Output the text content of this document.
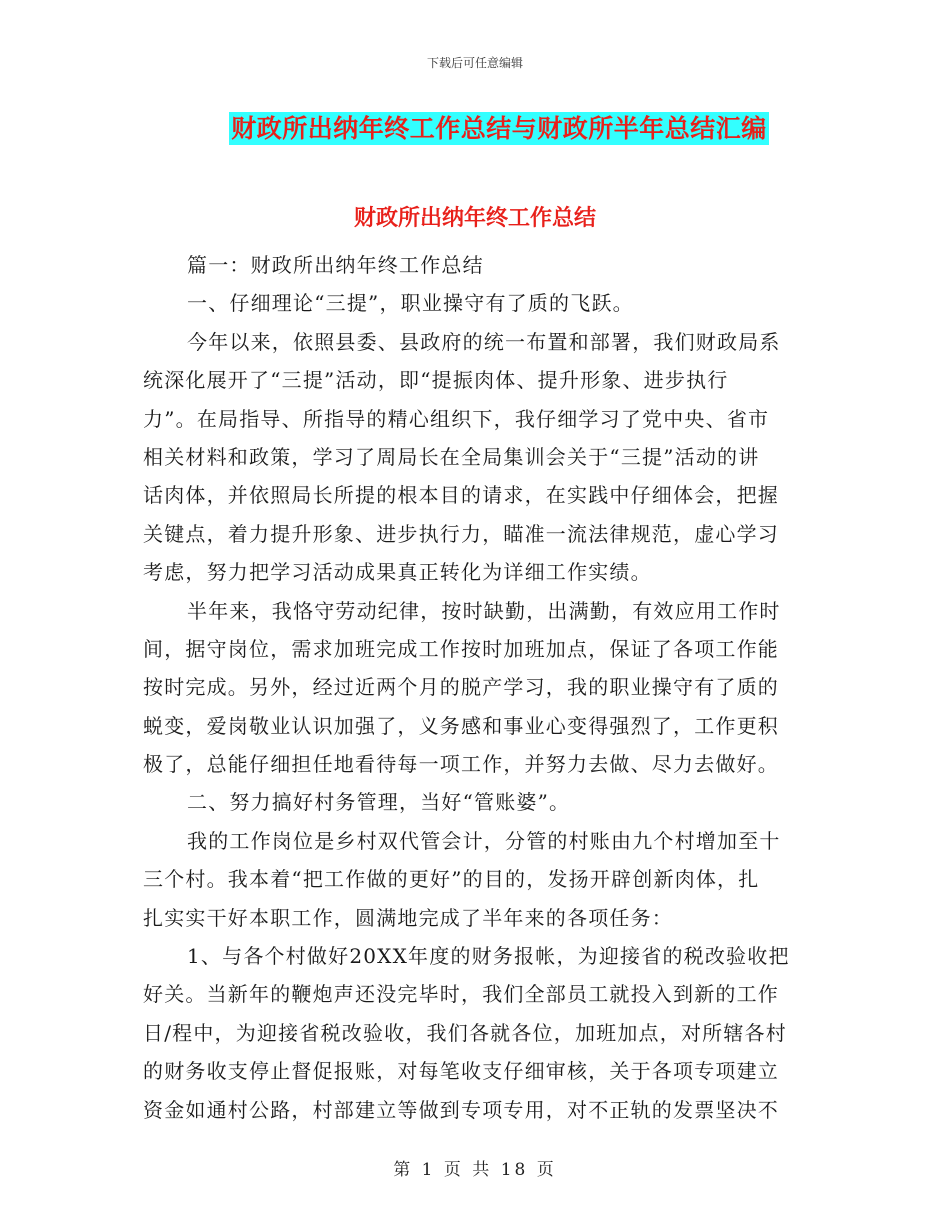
下载后可任意编辑
财政所出纳年终工作总结与财政所半年总结汇编
财政所出纳年终工作总结
篇一：财政所出纳年终工作总结
一、仔细理论“三提”，职业操守有了质的飞跃。
今年以来，依照县委、县政府的统一布置和部署，我们财政局系
统深化展开了“三提”活动，即“提振肉体、提升形象、进步执行
力”。在局指导、所指导的精心组织下，我仔细学习了党中央、省市
相关材料和政策，学习了周局长在全局集训会关于“三提”活动的讲
话肉体，并依照局长所提的根本目的请求，在实践中仔细体会，把握
关键点，着力提升形象、进步执行力，瞄准一流法律规范，虚心学习
考虑，努力把学习活动成果真正转化为详细工作实绩。
半年来，我恪守劳动纪律，按时缺勤，出满勤，有效应用工作时
间，据守岗位，需求加班完成工作按时加班加点，保证了各项工作能
按时完成。另外，经过近两个月的脱产学习，我的职业操守有了质的
蜕变，爱岗敬业认识加强了，义务感和事业心变得强烈了，工作更积
极了，总能仔细担任地看待每一项工作，并努力去做、尽力去做好。
二、努力搞好村务管理，当好“管账婆”。
我的工作岗位是乡村双代管会计，分管的村账由九个村增加至十
三个村。我本着“把工作做的更好”的目的，发扬开辟创新肉体，扎
扎实实干好本职工作，圆满地完成了半年来的各项任务：
1、与各个村做好20XX年度的财务报帐，为迎接省的税改验收把
好关。当新年的鞭炮声还没完毕时，我们全部员工就投入到新的工作
日/程中，为迎接省税改验收，我们各就各位，加班加点，对所辖各村
的财务收支停止督促报账，对每笔收支仔细审核，关于各项专项建立
资金如通村公路，村部建立等做到专项专用，对不正轨的发票坚决不
第 1 页 共 18 页
